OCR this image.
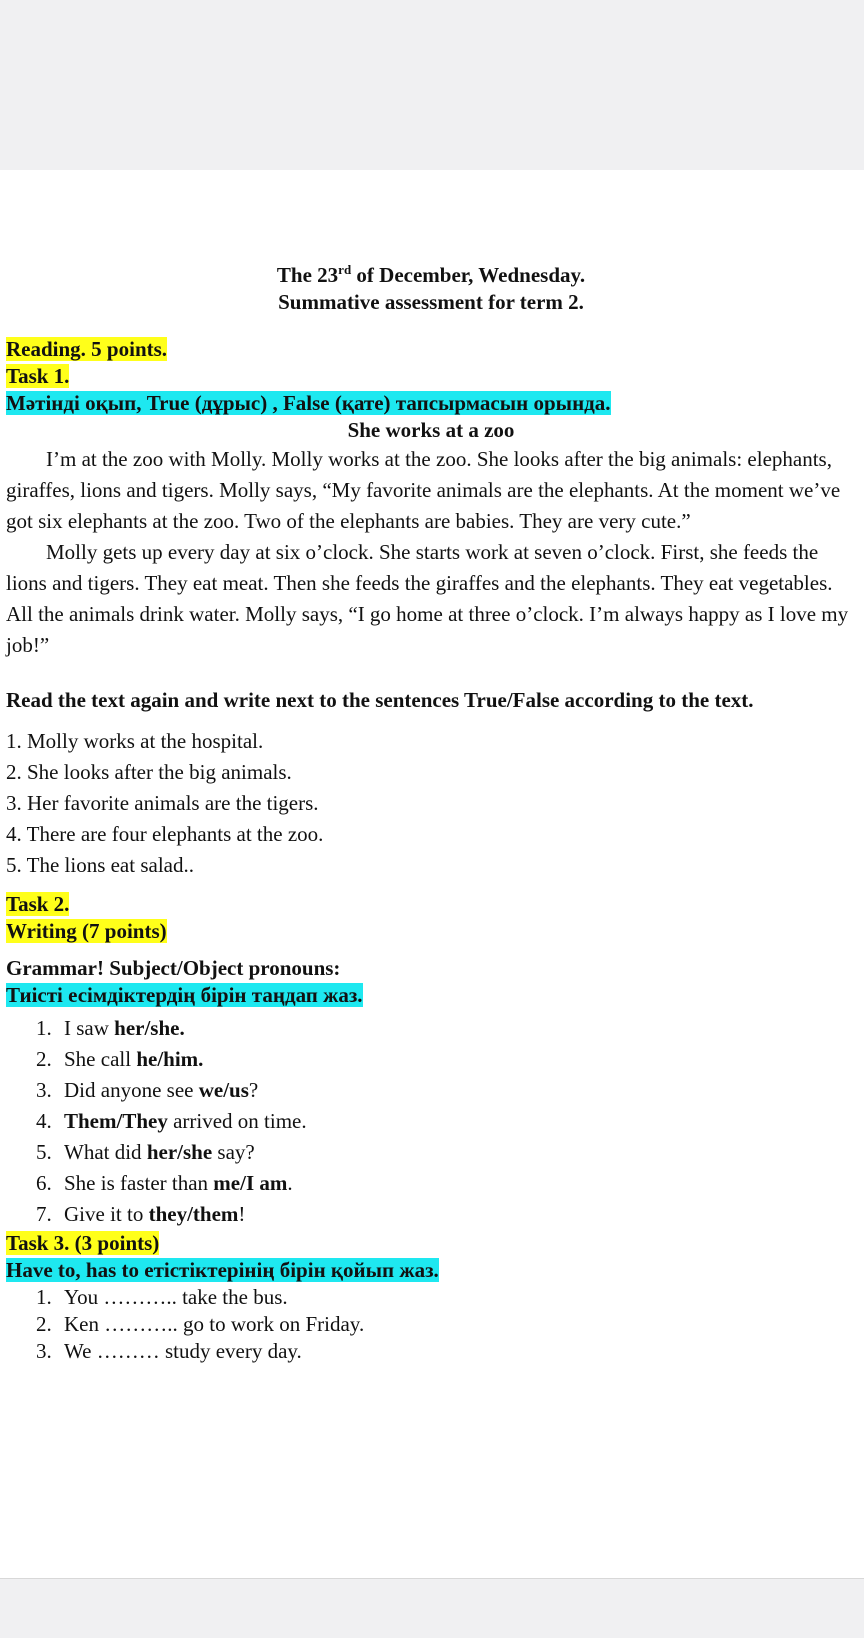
The 23rd of December, Wednesday.
Summative assessment for term 2.
Reading. 5 points.
Task 1.
Мәтінді оқып, True (дұрыс) , False (қате) тапсырмасын орында.
She works at a zoo

I’m at the zoo with Molly. Molly works at the zoo. She looks after the big animals: elephants, giraffes, lions and tigers. Molly says, “My favorite animals are the elephants. At the moment we’ve got six elephants at the zoo. Two of the elephants are babies. They are very cute.”

Molly gets up every day at six o’clock. She starts work at seven o’clock. First, she feeds the lions and tigers. They eat meat. Then she feeds the giraffes and the elephants. They eat vegetables. All the animals drink water. Molly says, “I go home at three o’clock. I’m always happy as I love my job!”

Read the text again and write next to the sentences True/False according to the text.

1. Molly works at the hospital.

2. She looks after the big animals.

3. Her favorite animals are the tigers.

4. There are four elephants at the zoo.

5. The lions eat salad..

Task 2.
Writing (7 points)
Grammar! Subject/Object pronouns:
Тиісті есімдіктердің бірін таңдап жаз.
1. I saw her/she.
2. She call he/him.
3. Did anyone see we/us?
4. Them/They arrived on time.
5. What did her/she say?
6. She is faster than me/I am.
7. Give it to they/them!
Task 3. (3 points)
Have to, has to етістіктерінің бірін қойып жаз.
1. You ……….. take the bus.
2. Ken ……….. go to work on Friday.
3. We ……… study every day.
